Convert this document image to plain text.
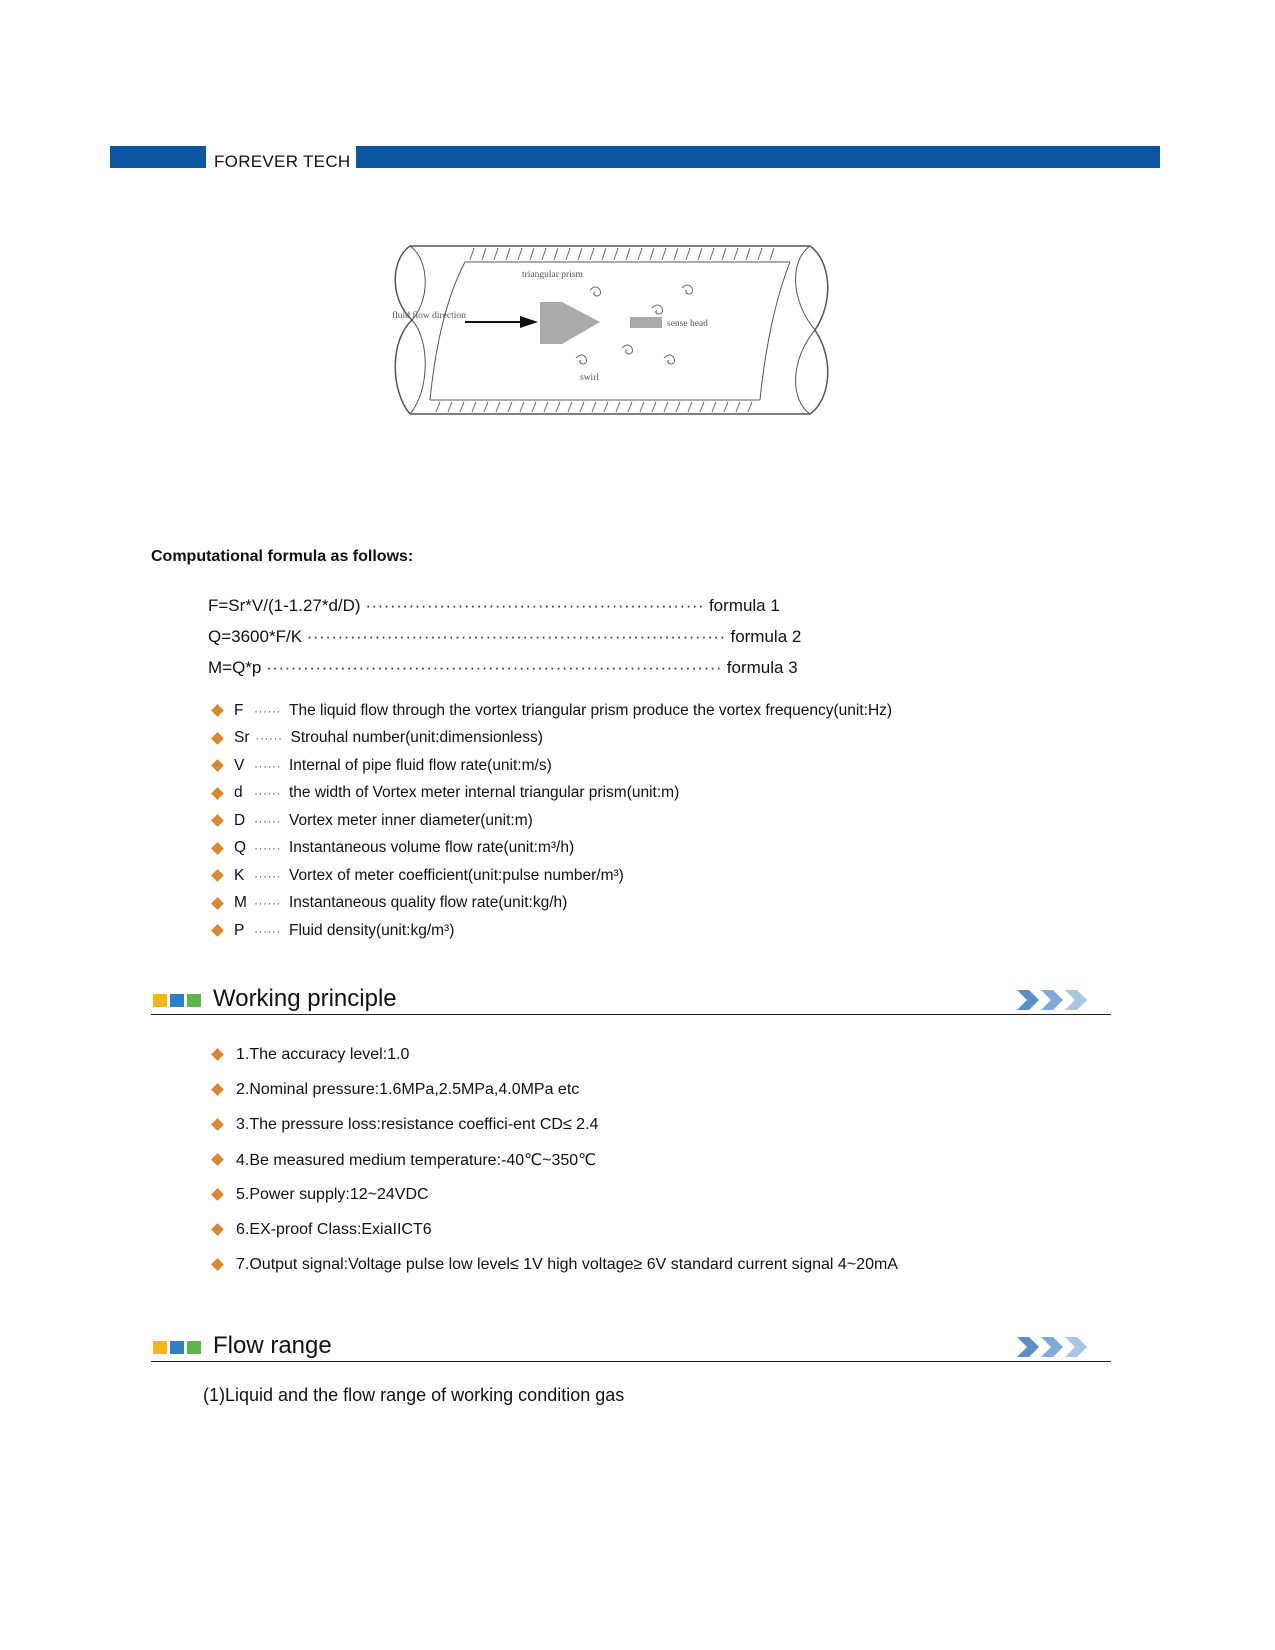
FOREVER TECH
triangular prism
fluid flow direction
sense head
swirl
Computational formula as follows:
F=Sr*V/(1-1.27*d/D) ······················································· formula 1
Q=3600*F/K ···································································· formula 2
M=Q*p ·········································································· formula 3
F ······ The liquid flow through the vortex triangular prism produce the vortex frequency(unit:Hz)
Sr ······ Strouhal number(unit:dimensionless)
V ······ Internal of pipe fluid flow rate(unit:m/s)
d ······ the width of Vortex meter internal triangular prism(unit:m)
D ······ Vortex meter inner diameter(unit:m)
Q ······ Instantaneous volume flow rate(unit:m³/h)
K ······ Vortex of meter coefficient(unit:pulse number/m³)
M ······ Instantaneous quality flow rate(unit:kg/h)
P ······ Fluid density(unit:kg/m³)
Working principle
1.The accuracy level:1.0
2.Nominal pressure:1.6MPa,2.5MPa,4.0MPa etc
3.The pressure loss:resistance coeffici-ent CD≤ 2.4
4.Be measured medium temperature:-40℃~350℃
5.Power supply:12~24VDC
6.EX-proof Class:ExiaIICT6
7.Output signal:Voltage pulse low level≤ 1V high voltage≥ 6V standard current signal 4~20mA
Flow range
(1)Liquid and the flow range of working condition gas
